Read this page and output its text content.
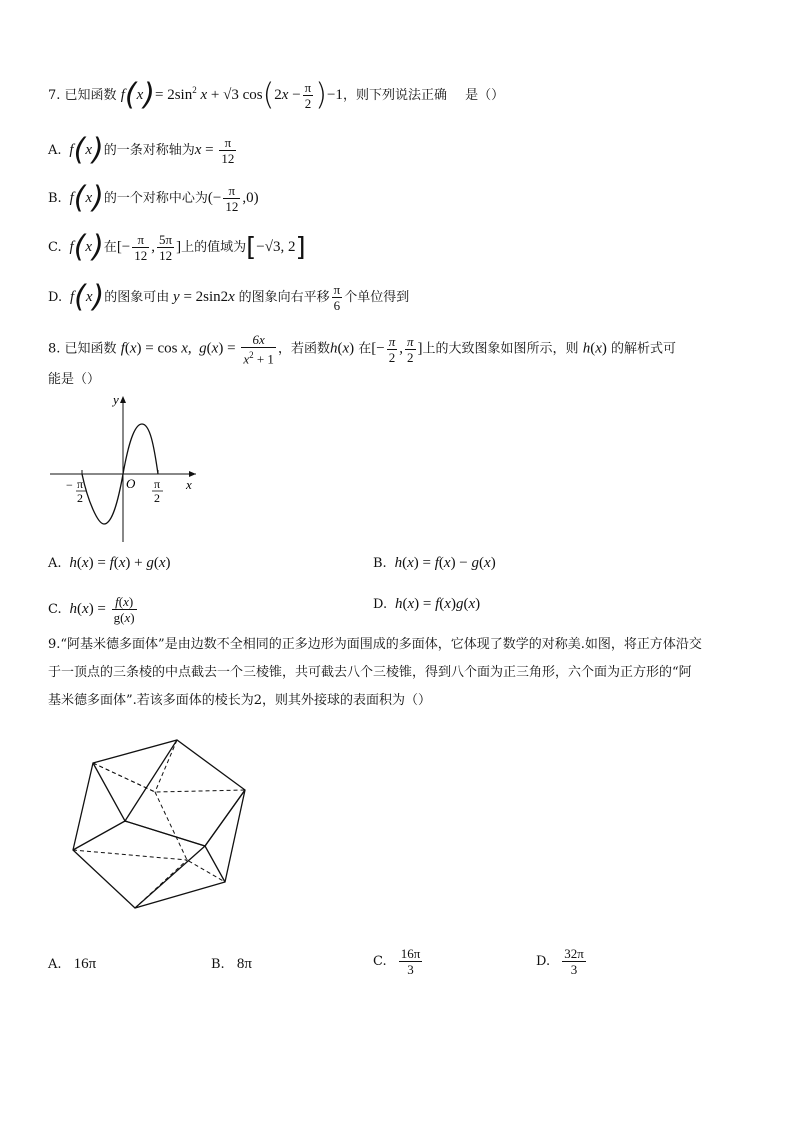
7. 已知函数 $f(x)= 2\sin^2$ x + √3 $\cos(2x - \frac{\pi}{2} )-1$，则下列说法正确 是（）
A.  f(x)的一条对称轴为$x = \frac{\pi}{12}$
B.  f(x)的一个对称中心为(− $\frac{\pi}{12} ,0$)
C.  f(x)在[− $\frac{\pi}{12}$ , $\frac{5\pi}{12}$ ]上的值域为[−√3, 2]
D.  f(x)的图象可由 y = 2sin2x 的图象向右平移 $\frac{\pi}{6}$ 个单位得到
8. 已知函数 f(x) = cos x,  $g(x) = \frac{6x}{x^2 + 1}$ ，若函数h(x) 在[− $\frac{\pi}{2}$ , $\frac{\pi}{2}$ ]上的大致图象如图所示，则 h(x) 的解析式可
能是（）
y
x
O
− π
2
π
2
A. h(x) = f(x) + g(x)	B. h(x) = f(x) − g(x)
C. $h(x) = \frac{f(x)}{g(x)}$	D. h(x) = f(x)g(x)
9.“阿基米德多面体”是由边数不全相同的正多边形为面围成的多面体，它体现了数学的对称美.如图，将正方体沿交
于一顶点的三条棱的中点截去一个三棱锥，共可截去八个三棱锥，得到八个面为正三角形，六个面为正方形的“阿
基米德多面体”.若该多面体的棱长为2，则其外接球的表面积为（）
A. 16π	B. 8π	C. $\frac{16\pi}{3}$	D. $\frac{32\pi}{3}$
